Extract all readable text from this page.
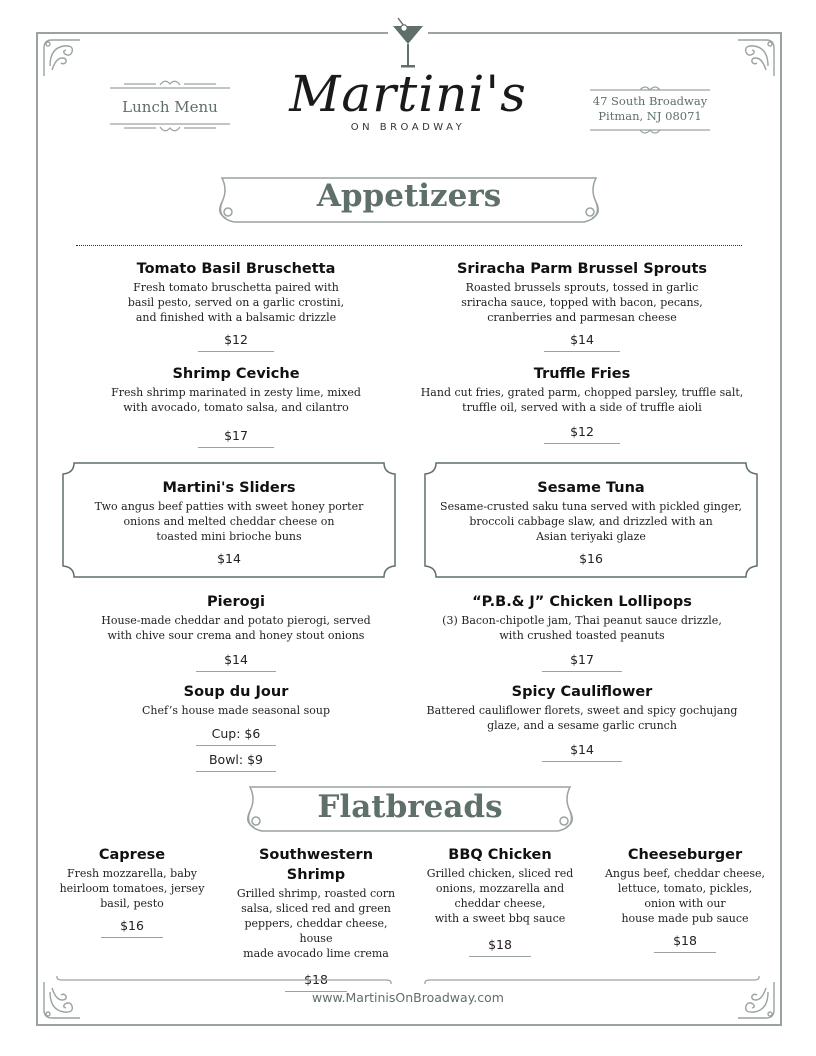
Lunch Menu	Martini's
ON BROADWAY
47 South Broadway
Pitman, NJ 08071
Appetizers
Tomato Basil Bruschetta
Fresh tomato bruschetta paired with
basil pesto, served on a garlic crostini,
and finished with a balsamic drizzle
$12
Sriracha Parm Brussel Sprouts
Roasted brussels sprouts, tossed in garlic
sriracha sauce, topped with bacon, pecans,
cranberries and parmesan cheese
$14
Shrimp Ceviche
Fresh shrimp marinated in zesty lime, mixed
with avocado, tomato salsa, and cilantro
$17
Truffle Fries
Hand cut fries, grated parm, chopped parsley, truffle salt,
truffle oil, served with a side of truffle aioli
$12
Martini's Sliders
Two angus beef patties with sweet honey porter
onions and melted cheddar cheese on
toasted mini brioche buns
$14
Sesame Tuna
Sesame-crusted saku tuna served with pickled ginger,
broccoli cabbage slaw, and drizzled with an
Asian teriyaki glaze
$16
Pierogi
House-made cheddar and potato pierogi, served
with chive sour crema and honey stout onions
$14
“P.B.& J” Chicken Lollipops
(3) Bacon-chipotle jam, Thai peanut sauce drizzle,
with crushed toasted peanuts
$17
Soup du Jour
Chef’s house made seasonal soup
Cup: $6
Bowl: $9
Spicy Cauliflower
Battered cauliflower florets, sweet and spicy gochujang
glaze, and a sesame garlic crunch
$14
Flatbreads
Caprese
Fresh mozzarella, baby
heirloom tomatoes, jersey
basil, pesto
$16
Southwestern Shrimp
Grilled shrimp, roasted corn
salsa, sliced red and green
peppers, cheddar cheese, house
made avocado lime crema
$18
BBQ Chicken
Grilled chicken, sliced red
onions, mozzarella and
cheddar cheese,
with a sweet bbq sauce
$18
Cheeseburger
Angus beef, cheddar cheese,
lettuce, tomato, pickles,
onion with our
house made pub sauce
$18
www.MartinisOnBroadway.com
